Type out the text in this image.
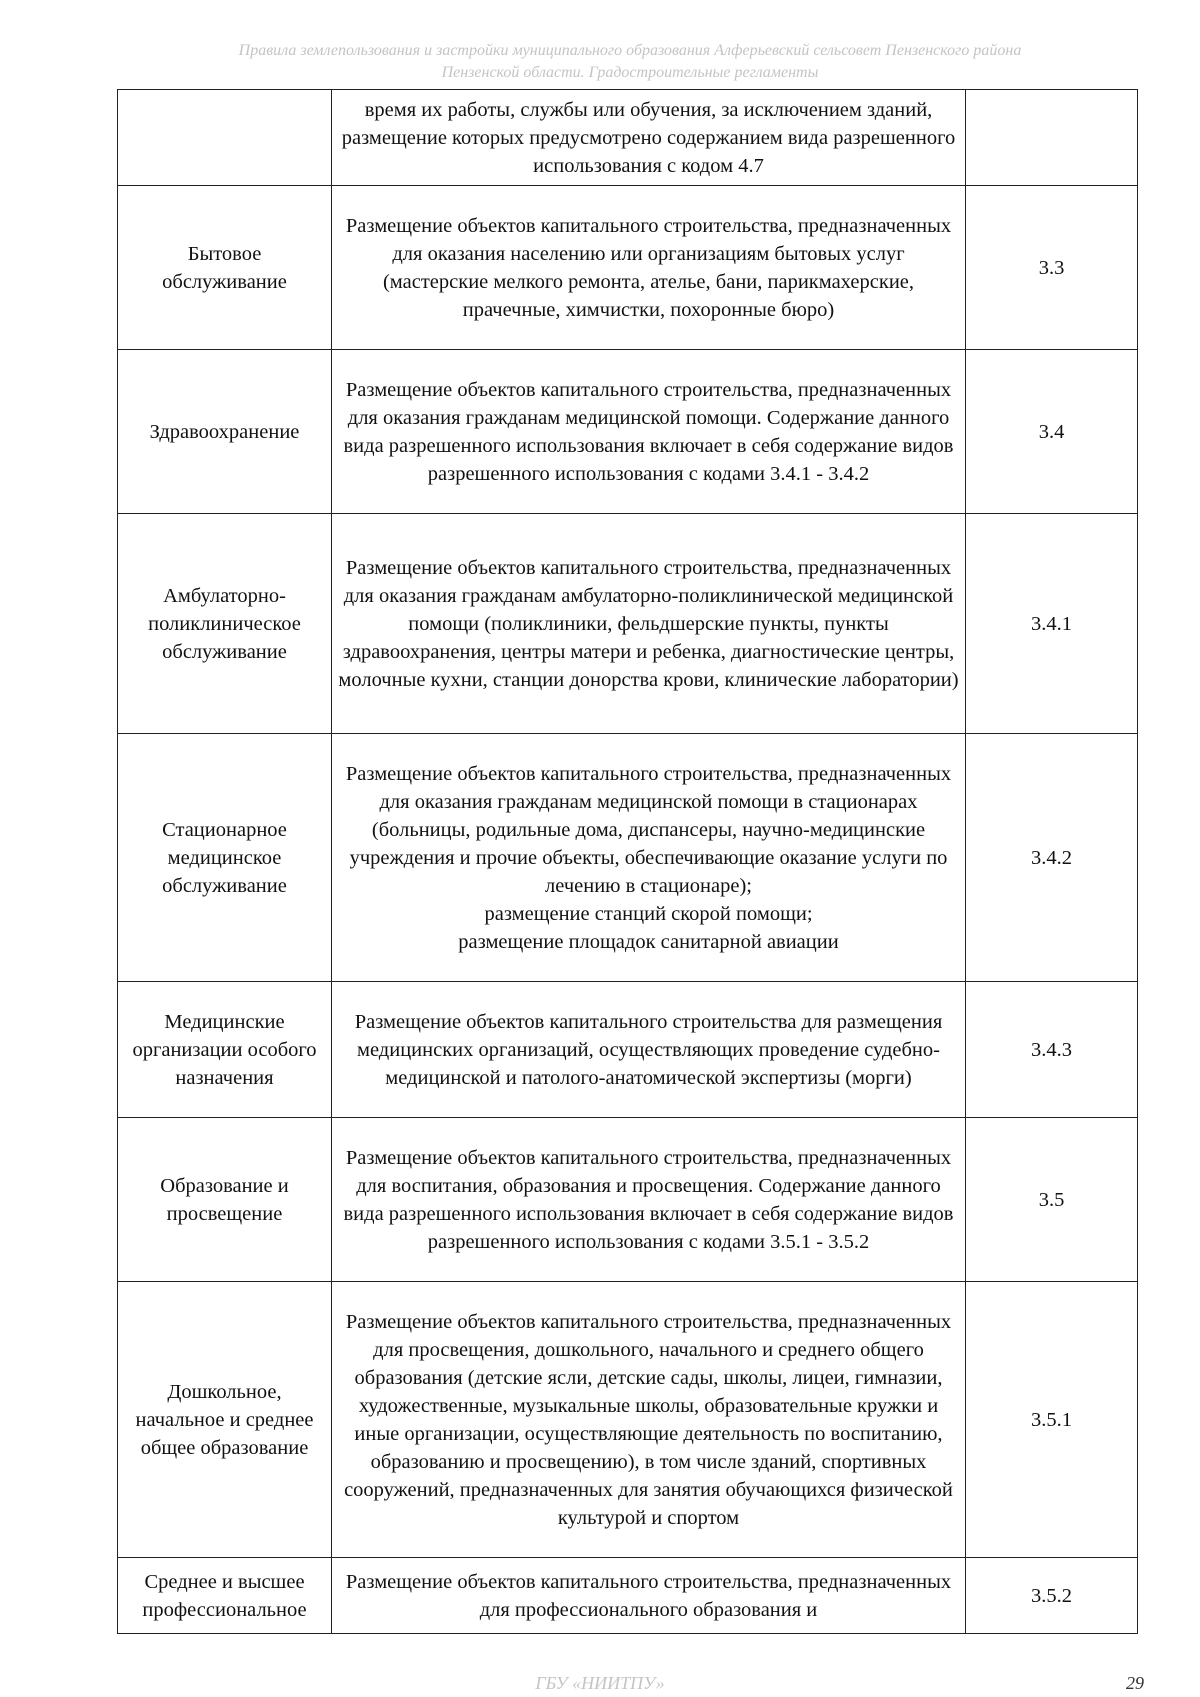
Правила землепользования и застройки муниципального образования Алферьевский сельсовет Пензенского района
Пензенской области. Градостроительные регламенты
	время их работы, службы или обучения, за исключением зданий, размещение которых предусмотрено содержанием вида разрешенного использования с кодом 4.7	
Бытовое обслуживание	Размещение объектов капитального строительства, предназначенных для оказания населению или организациям бытовых услуг (мастерские мелкого ремонта, ателье, бани, парикмахерские, прачечные, химчистки, похоронные бюро)	3.3
Здравоохранение	Размещение объектов капитального строительства, предназначенных для оказания гражданам медицинской помощи. Содержание данного вида разрешенного использования включает в себя содержание видов разрешенного использования с кодами 3.4.1 - 3.4.2	3.4
Амбулаторно-поликлиническое обслуживание	Размещение объектов капитального строительства, предназначенных для оказания гражданам амбулаторно-поликлинической медицинской помощи (поликлиники, фельдшерские пункты, пункты здравоохранения, центры матери и ребенка, диагностические центры, молочные кухни, станции донорства крови, клинические лаборатории)	3.4.1
Стационарное медицинское обслуживание	Размещение объектов капитального строительства, предназначенных для оказания гражданам медицинской помощи в стационарах (больницы, родильные дома, диспансеры, научно-медицинские учреждения и прочие объекты, обеспечивающие оказание услуги по лечению в стационаре);
размещение станций скорой помощи;
размещение площадок санитарной авиации	3.4.2
Медицинские организации особого назначения	Размещение объектов капитального строительства для размещения медицинских организаций, осуществляющих проведение судебно-медицинской и патолого-анатомической экспертизы (морги)	3.4.3
Образование и просвещение	Размещение объектов капитального строительства, предназначенных для воспитания, образования и просвещения. Содержание данного вида разрешенного использования включает в себя содержание видов разрешенного использования с кодами 3.5.1 - 3.5.2	3.5
Дошкольное, начальное и среднее общее образование	Размещение объектов капитального строительства, предназначенных для просвещения, дошкольного, начального и среднего общего образования (детские ясли, детские сады, школы, лицеи, гимназии, художественные, музыкальные школы, образовательные кружки и иные организации, осуществляющие деятельность по воспитанию, образованию и просвещению), в том числе зданий, спортивных сооружений, предназначенных для занятия обучающихся физической культурой и спортом	3.5.1
Среднее и высшее профессиональное	Размещение объектов капитального строительства, предназначенных для профессионального образования и	3.5.2
ГБУ «НИИТПУ»	29
